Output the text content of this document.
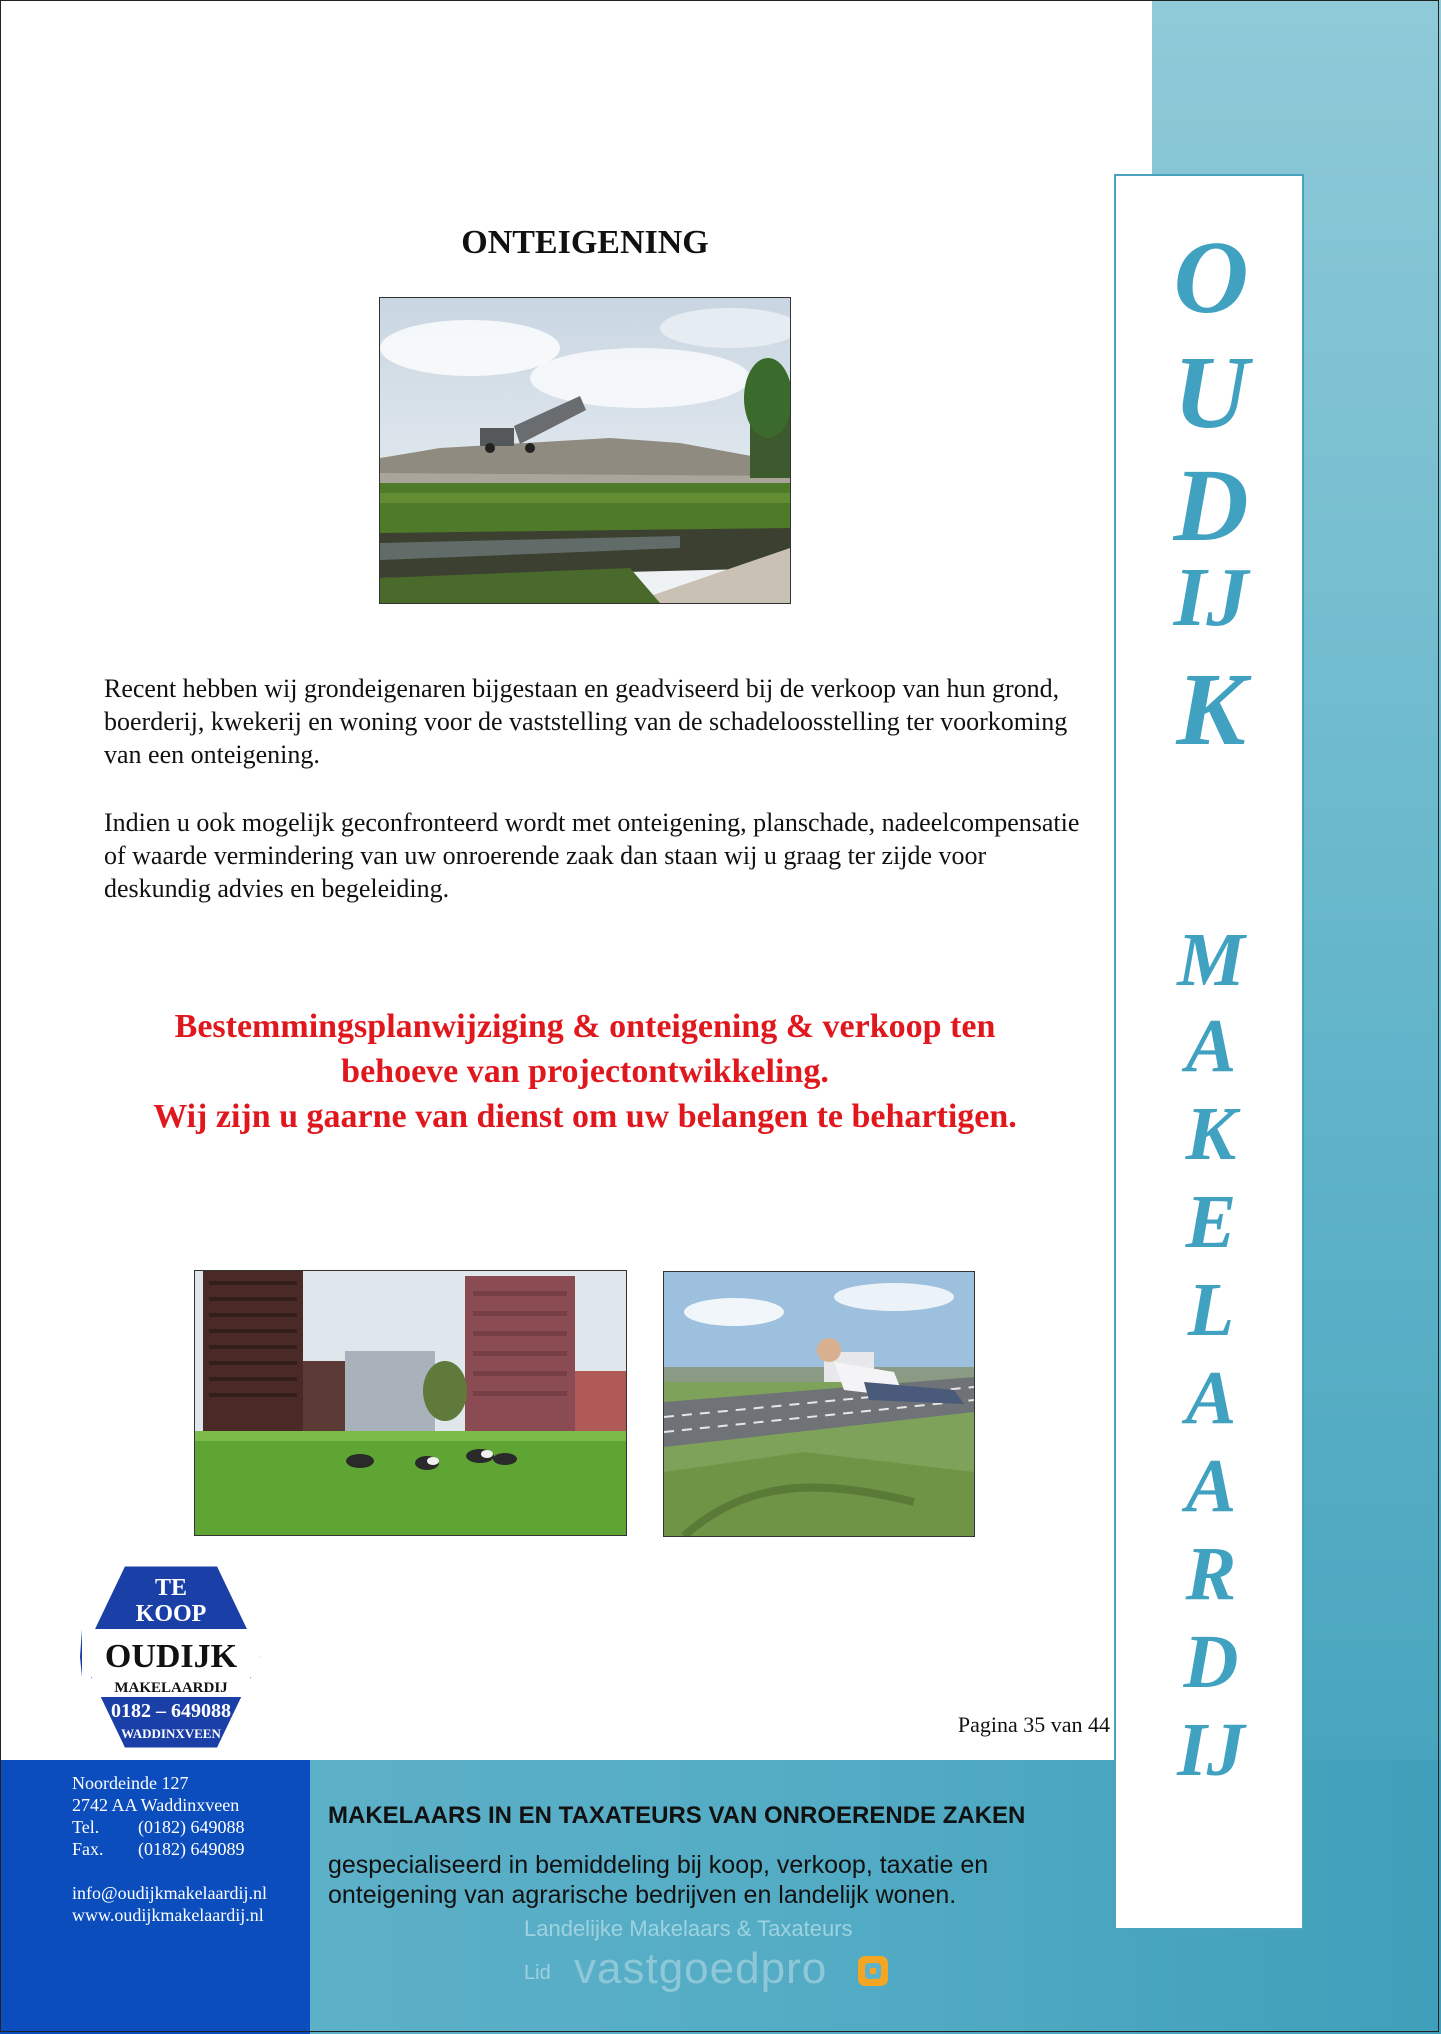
Noordeinde 127
2742 AA Waddinxveen
Tel. (0182) 649088
Fax. (0182) 649089
info@oudijkmakelaardij.nl
www.oudijkmakelaardij.nl
MAKELAARS IN EN TAXATEURS VAN ONROERENDE ZAKEN

gespecialiseerd in bemiddeling bij koop, verkoop, taxatie en
onteigening van agrarische bedrijven en landelijk wonen.

Landelijke Makelaars & Taxateurs
Lid vastgoedpro
O
U
D
IJ
K
M
A
K
E
L
A
A
R
D
IJ
ONTEIGENING

Recent hebben wij grondeigenaren bijgestaan en geadviseerd bij de verkoop van hun grond, boerderij, kwekerij en woning voor de vaststelling van de schadeloosstelling ter voorkoming van een onteigening.

Indien u ook mogelijk geconfronteerd wordt met onteigening, planschade, nadeelcompensatie of waarde vermindering van uw onroerende zaak dan staan wij u graag ter zijde voor deskundig advies en begeleiding.

Bestemmingsplanwijziging & onteigening & verkoop ten
behoeve van projectontwikkeling.
Wij zijn u gaarne van dienst om uw belangen te behartigen.

TE
KOOP
OUDIJK
MAKELAARDIJ
0182 – 649088
WADDINXVEEN	Pagina 35 van 44
